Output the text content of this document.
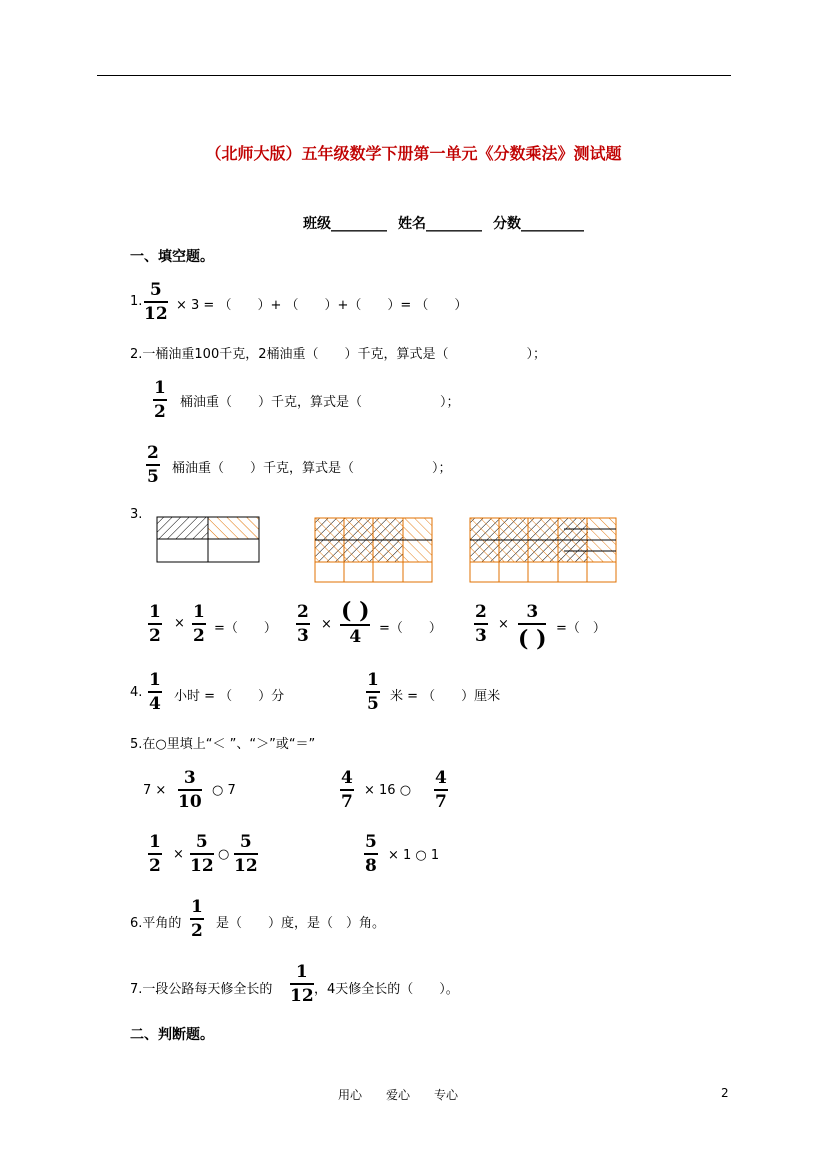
（北师大版）五年级数学下册第一单元《分数乘法》测试题
班级________ 姓名________ 分数_________
一、填空题。
1.
5
12 × 3 = （　　）+ （　　）+（　　）= （　　）
2.一桶油重100千克，2桶油重（　　）千克，算式是（　　　　　　）；
1
2 桶油重（　　）千克，算式是（　　　　　　）；
2
5 桶油重（　　）千克，算式是（　　　　　　）；
3.
1
2
×
1
2 =（　　）
2
3
×
( )
4 =（　　）
2
3
×
3
( ) =（　）
4.
1
4 小时 = （　　）分
1
5 米 = （　　）厘米
5.在○里填上“＜ ”、“＞”或“＝”
7 ×
3
10
○ 7
4
7
× 16 ○
4
7
1
2
×
5
12
○
5
12
5
8
× 1 ○ 1
6.平角的
1
2 是（　　）度，是（　）角。
7.一段公路每天修全长的
1
12 ，4天修全长的（　　）。
二、判断题。
用心　　爱心　　专心	2
